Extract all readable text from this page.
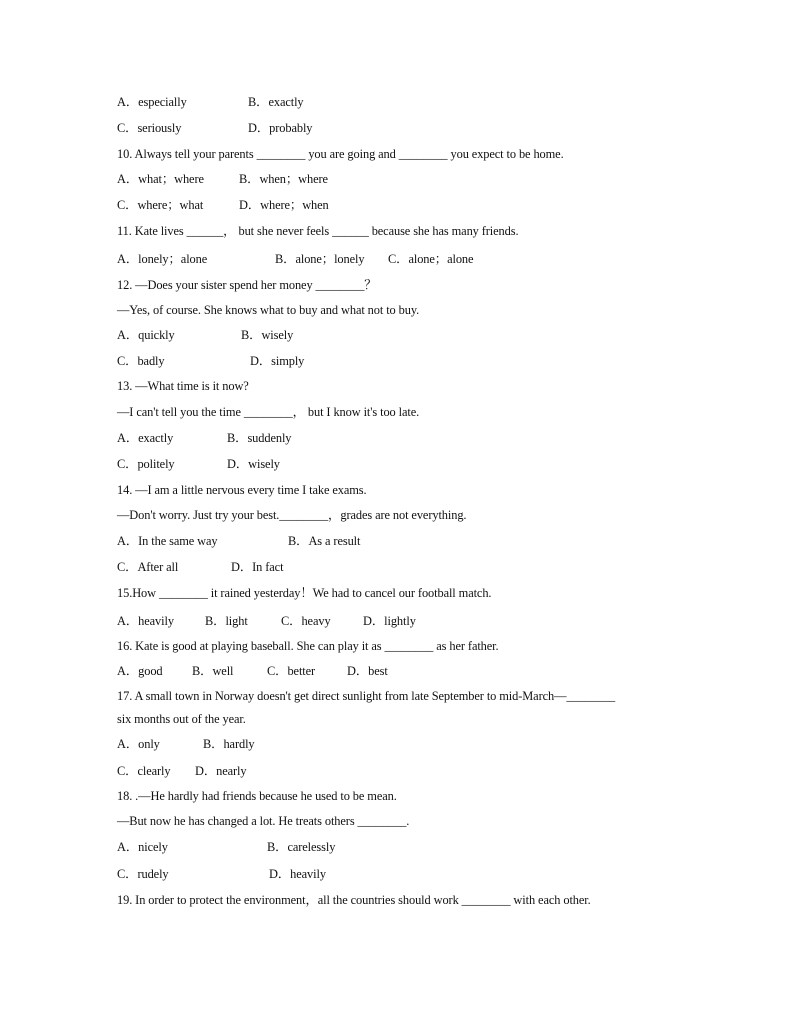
A．especially	B．exactly
C．seriously	D．probably
10. Always tell your parents ________ you are going and ________ you expect to be home.
A．what；where	B．when；where
C．where；what	D．where；when
11. Kate lives ______， but she never feels ______ because she has many friends.
A．lonely；alone	B．alone；lonely C．alone；alone
12. —Does your sister spend her money ________？
—Yes, of course. She knows what to buy and what not to buy.
A．quickly	B．wisely
C．badly	D．simply
13. —What time is it now?
—I can't tell you the time ________， but I know it's too late.
A．exactly	B．suddenly
C．politely	D．wisely
14. —I am a little nervous every time I take exams.
—Don't worry. Just try your best.________，grades are not everything.
A．In the same way	B．As a result
C．After all	D．In fact
15.How ________ it rained yesterday！We had to cancel our football match.
A．heavily	B．light	C．heavy	D．lightly
16. Kate is good at playing baseball. She can play it as ________ as her father.
A．good B．well	C．better	D．best
17. A small town in Norway doesn't get direct sunlight from late September to mid-March—________
six months out of the year.
A．only	B．hardly
C．clearly D．nearly
18. .—He hardly had friends because he used to be mean.
—But now he has changed a lot. He treats others ________.
A．nicely	B．carelessly
C．rudely	D．heavily
19. In order to protect the environment，all the countries should work ________ with each other.
